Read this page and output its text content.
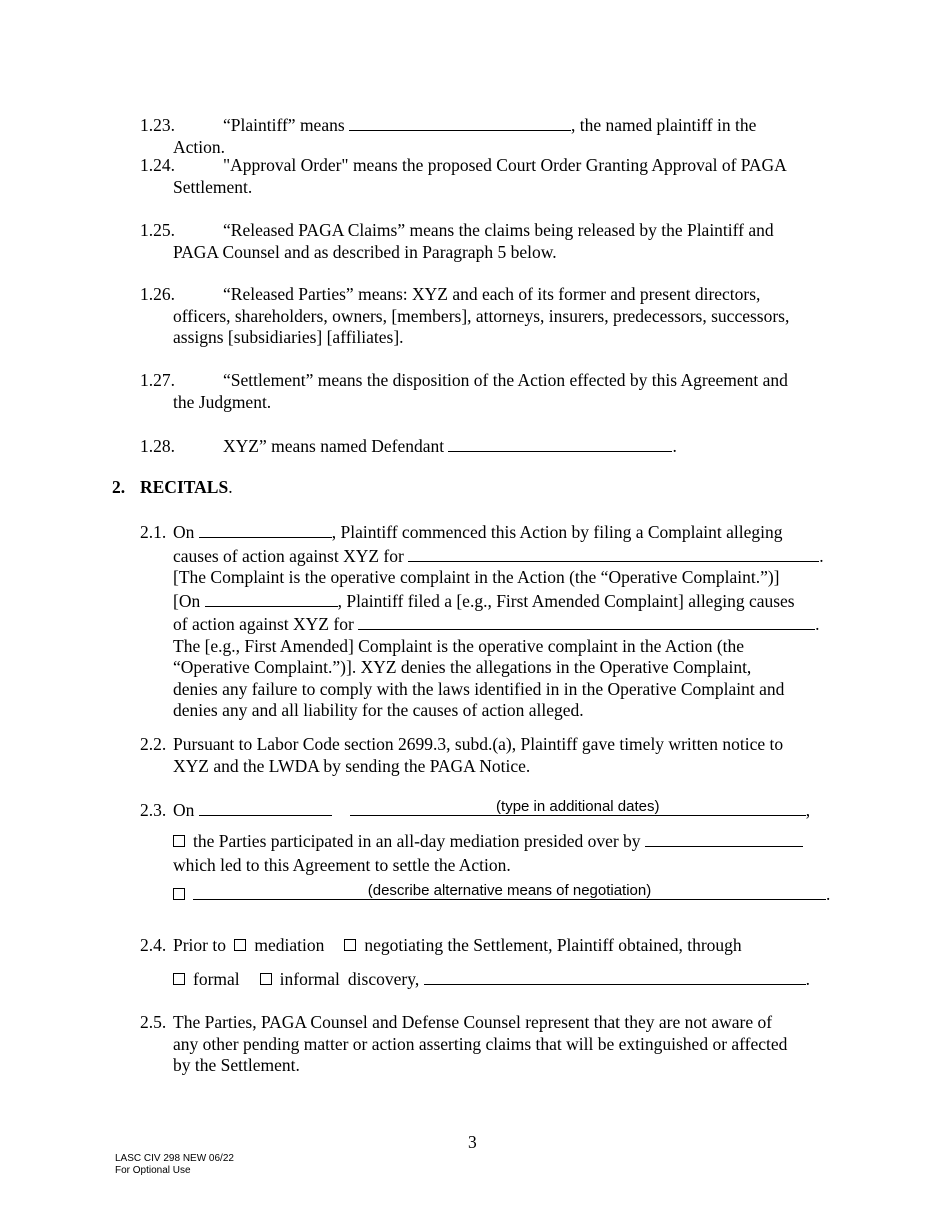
1.23.	“Plaintiff” means	, the named plaintiff in the
Action.
1.24.	"Approval Order" means the proposed Court Order Granting Approval of PAGA
Settlement.
1.25.	“Released PAGA Claims” means the claims being released by the Plaintiff and
PAGA Counsel and as described in Paragraph 5 below.
1.26.	“Released Parties” means: XYZ and each of its former and present directors,
officers, shareholders, owners, [members], attorneys, insurers, predecessors, successors,
assigns [subsidiaries] [affiliates].
1.27.	“Settlement” means the disposition of the Action effected by this Agreement and
the Judgment.
1.28.	XYZ” means named Defendant	.
2. RECITALS.
2.1. On	, Plaintiff commenced this Action by filing a Complaint alleging
causes of action against XYZ for	.
[The Complaint is the operative complaint in the Action (the “Operative Complaint.”)]
[On	, Plaintiff filed a [e.g., First Amended Complaint] alleging causes
of action against XYZ for	.
The [e.g., First Amended] Complaint is the operative complaint in the Action (the
“Operative Complaint.”)]. XYZ denies the allegations in the Operative Complaint,
denies any failure to comply with the laws identified in in the Operative Complaint and
denies any and all liability for the causes of action alleged.
2.2. Pursuant to Labor Code section 2699.3, subd.(a), Plaintiff gave timely written notice to
XYZ and the LWDA by sending the PAGA Notice.
2.3. On	(type in additional dates)	,
the Parties participated in an all-day mediation presided over by
which led to this Agreement to settle the Action.
(describe alternative means of negotiation)	.
2.4. Prior to mediation negotiating the Settlement, Plaintiff obtained, through
formal informal discovery,	.
2.5. The Parties, PAGA Counsel and Defense Counsel represent that they are not aware of
any other pending matter or action asserting claims that will be extinguished or affected
by the Settlement.
3
LASC CIV 298 NEW 06/22
For Optional Use
